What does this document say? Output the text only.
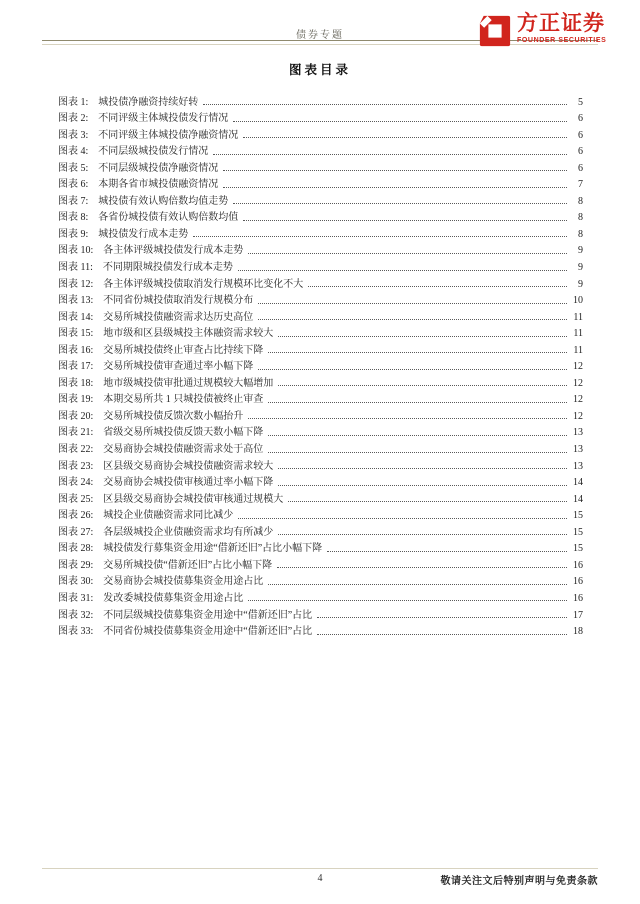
债券专题
方正证券
FOUNDER SECURITIES
图表目录
图表 1: 城投债净融资持续好转	5
图表 2: 不同评级主体城投债发行情况	6
图表 3: 不同评级主体城投债净融资情况	6
图表 4: 不同层级城投债发行情况	6
图表 5: 不同层级城投债净融资情况	6
图表 6: 本期各省市城投债融资情况	7
图表 7: 城投债有效认购倍数均值走势	8
图表 8: 各省份城投债有效认购倍数均值	8
图表 9: 城投债发行成本走势	8
图表 10: 各主体评级城投债发行成本走势	9
图表 11: 不同期限城投债发行成本走势	9
图表 12: 各主体评级城投债取消发行规模环比变化不大	9
图表 13: 不同省份城投债取消发行规模分布	10
图表 14: 交易所城投债融资需求达历史高位	11
图表 15: 地市级和区县级城投主体融资需求较大	11
图表 16: 交易所城投债终止审查占比持续下降	11
图表 17: 交易所城投债审查通过率小幅下降	12
图表 18: 地市级城投债审批通过规模较大幅增加	12
图表 19: 本期交易所共 1 只城投债被终止审查	12
图表 20: 交易所城投债反馈次数小幅抬升	12
图表 21: 省级交易所城投债反馈天数小幅下降	13
图表 22: 交易商协会城投债融资需求处于高位	13
图表 23: 区县级交易商协会城投债融资需求较大	13
图表 24: 交易商协会城投债审核通过率小幅下降	14
图表 25: 区县级交易商协会城投债审核通过规模大	14
图表 26: 城投企业债融资需求同比减少	15
图表 27: 各层级城投企业债融资需求均有所减少	15
图表 28: 城投债发行募集资金用途“借新还旧”占比小幅下降	15
图表 29: 交易所城投债“借新还旧”占比小幅下降	16
图表 30: 交易商协会城投债募集资金用途占比	16
图表 31: 发改委城投债募集资金用途占比	16
图表 32: 不同层级城投债募集资金用途中“借新还旧”占比	17
图表 33: 不同省份城投债募集资金用途中“借新还旧”占比	18
4	敬请关注文后特别声明与免责条款
